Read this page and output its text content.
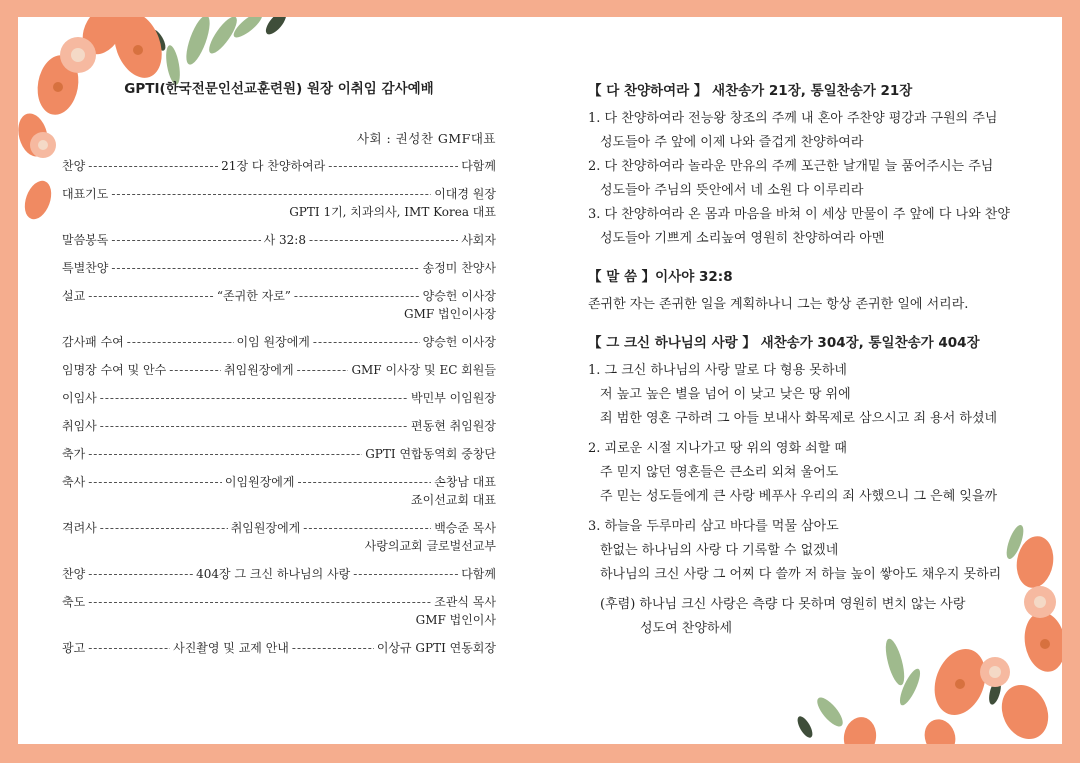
GPTI(한국전문인선교훈련원) 원장 이취임 감사예배
사회 : 권성찬 GMF대표
찬양 -----	21장 다 찬양하여라 -----	다함께
대표기도 -----	이대경 원장
GPTI 1기, 치과의사, IMT Korea 대표
말씀봉독 -----	사 32:8 -----	사회자
특별찬양 -----	송정미 찬양사
설교 -----	“존귀한 자로” -----	양승헌 이사장
GMF 법인이사장
감사패 수여 -----	이임 원장에게 -----	양승헌 이사장
임명장 수여 및 안수 -----	취임원장에게 -----	GMF 이사장 및 EC 회원들
이임사 -----	박민부 이임원장
취임사 -----	편동현 취임원장
축가 -----	GPTI 연합동역회 중창단
축사 -----	이임원장에게 -----	손창남 대표
죠이선교회 대표
격려사 -----	취임원장에게 -----	백승준 목사
사랑의교회 글로벌선교부
찬양 -----	404장 그 크신 하나님의 사랑 -----	다함께
축도 -----	조관식 목사
GMF 법인이사
광고 -----	사진촬영 및 교제 안내 -----	이상규 GPTI 연동회장
【 다 찬양하여라 】 새찬송가 21장, 통일찬송가 21장
1. 다 찬양하여라 전능왕 창조의 주께 내 혼아 주찬양 평강과 구원의 주님
성도들아 주 앞에 이제 나와 즐겁게 찬양하여라
2. 다 찬양하여라 놀라운 만유의 주께 포근한 날개밑 늘 품어주시는 주님
성도들아 주님의 뜻안에서 네 소원 다 이루리라
3. 다 찬양하여라 온 몸과 마음을 바쳐 이 세상 만물이 주 앞에 다 나와 찬양
성도들아 기쁘게 소리높여 영원히 찬양하여라 아멘
【 말 씀 】이사야 32:8
존귀한 자는 존귀한 일을 계획하나니 그는 항상 존귀한 일에 서리라.
【 그 크신 하나님의 사랑 】 새찬송가 304장, 통일찬송가 404장
1. 그 크신 하나님의 사랑 말로 다 형용 못하네
저 높고 높은 별을 넘어 이 낮고 낮은 땅 위에
죄 범한 영혼 구하려 그 아들 보내사 화목제로 삼으시고 죄 용서 하셨네
2. 괴로운 시절 지나가고 땅 위의 영화 쇠할 때
주 믿지 않던 영혼들은 큰소리 외쳐 울어도
주 믿는 성도들에게 큰 사랑 베푸사 우리의 죄 사했으니 그 은혜 잊을까
3. 하늘을 두루마리 삼고 바다를 먹물 삼아도
한없는 하나님의 사랑 다 기록할 수 없겠네
하나님의 크신 사랑 그 어찌 다 쓸까 저 하늘 높이 쌓아도 채우지 못하리
(후렴) 하나님 크신 사랑은 측량 다 못하며 영원히 변치 않는 사랑
성도여 찬양하세
